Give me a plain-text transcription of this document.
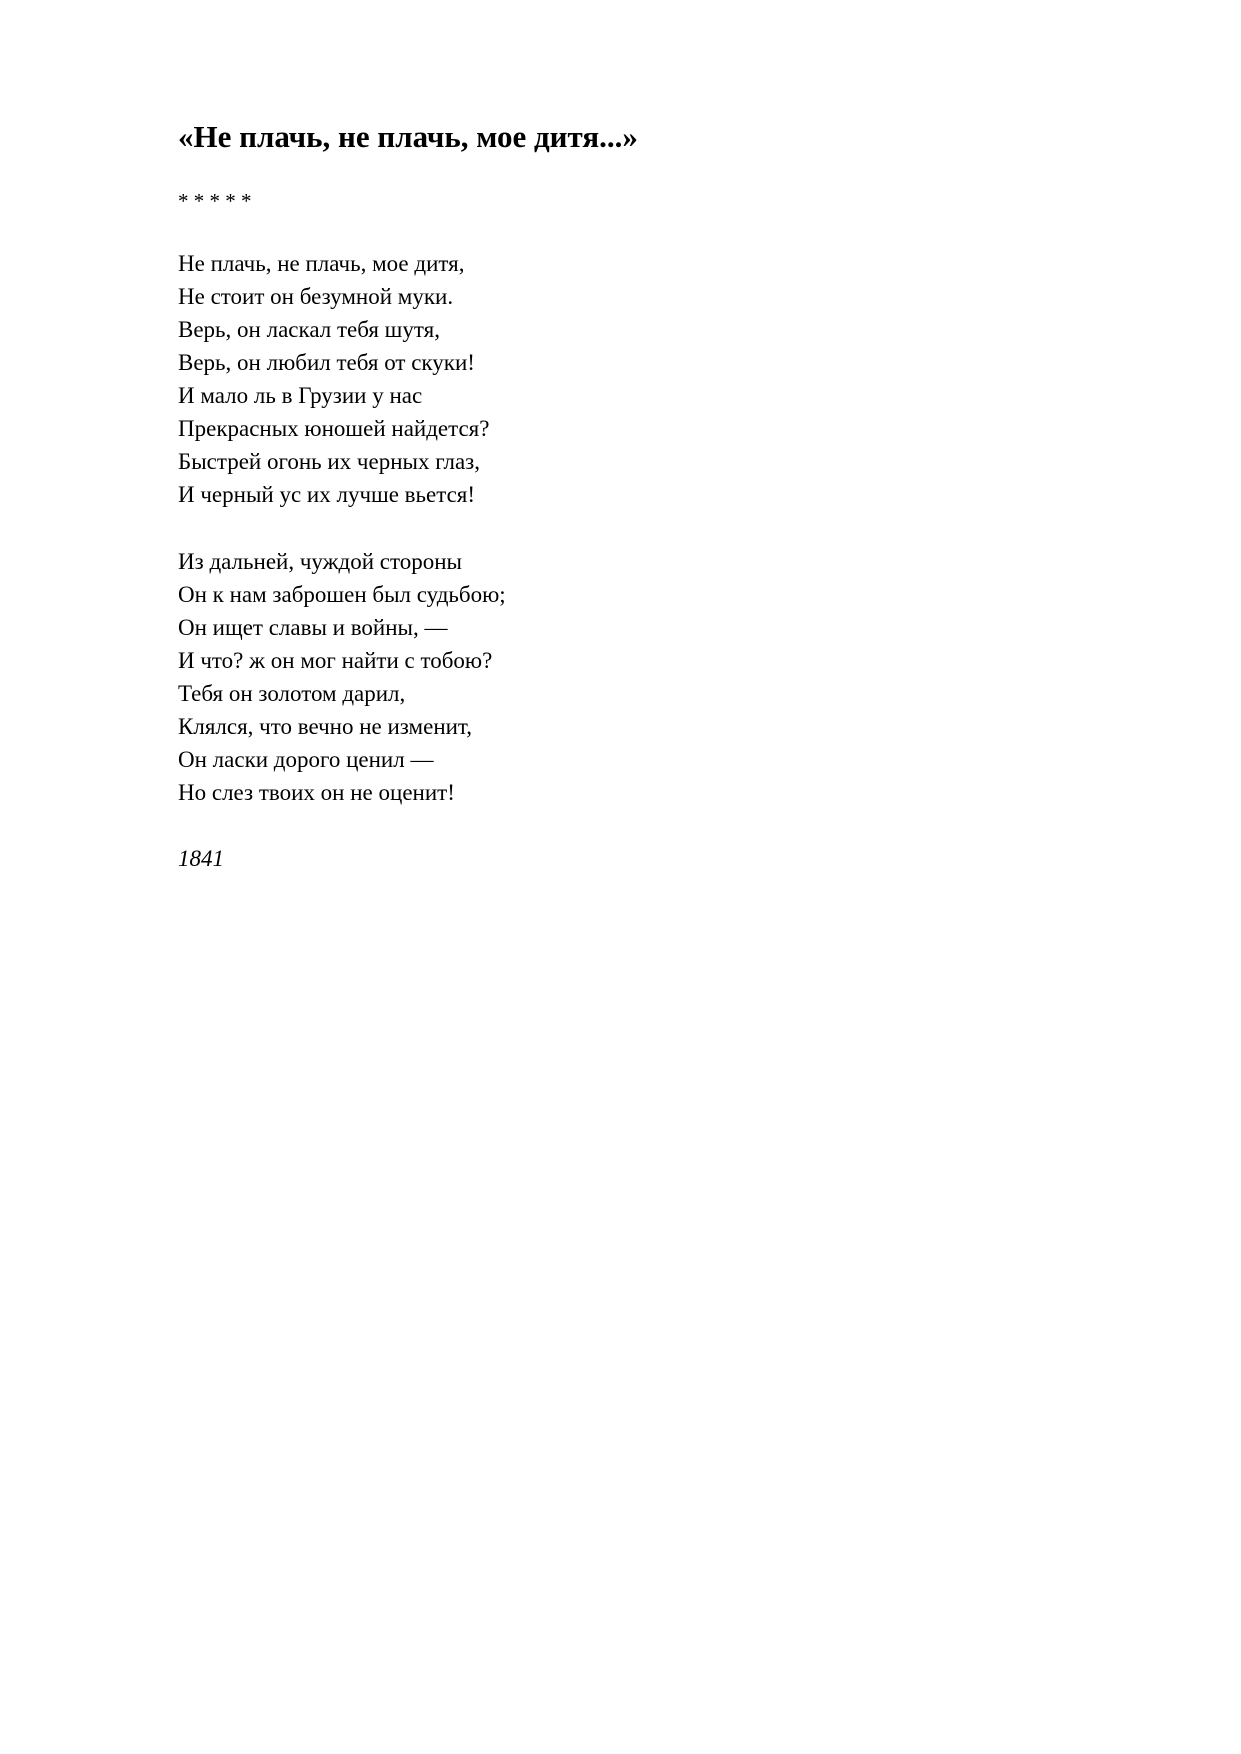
«Не плачь, не плачь, мое дитя...»
* * * * *
Не плачь, не плачь, мое дитя,
Не стоит он безумной муки.
Верь, он ласкал тебя шутя,
Верь, он любил тебя от скуки!
И мало ль в Грузии у нас
Прекрасных юношей найдется?
Быстрей огонь их черных глаз,
И черный ус их лучше вьется!
Из дальней, чуждой стороны
Он к нам заброшен был судьбою;
Он ищет славы и войны, —
И что? ж он мог найти с тобою?
Тебя он золотом дарил,
Клялся, что вечно не изменит,
Он ласки дорого ценил —
Но слез твоих он не оценит!
1841
